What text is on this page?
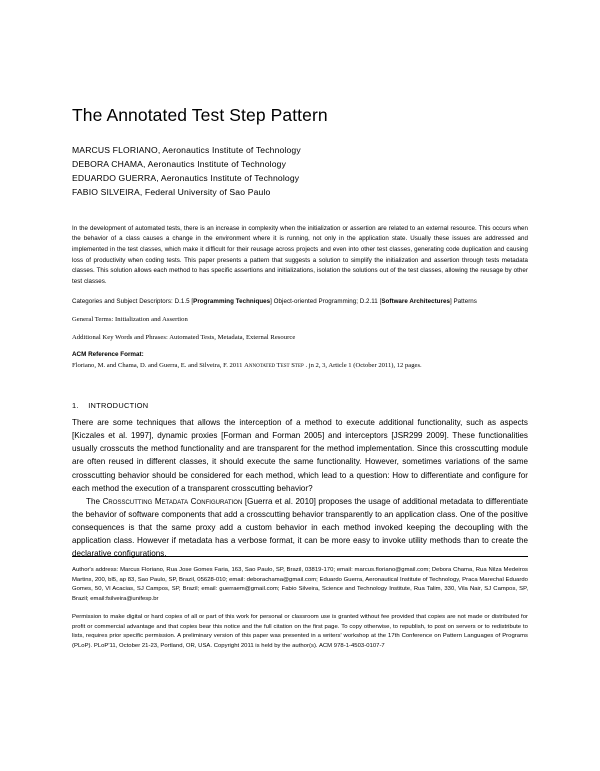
The Annotated Test Step Pattern
MARCUS FLORIANO, Aeronautics Institute of Technology
DEBORA CHAMA, Aeronautics Institute of Technology
EDUARDO GUERRA, Aeronautics Institute of Technology
FABIO SILVEIRA, Federal University of Sao Paulo
In the development of automated tests, there is an increase in complexity when the initialization or assertion are related to an external resource. This occurs when the behavior of a class causes a change in the environment where it is running, not only in the application state. Usually these issues are addressed and implemented in the test classes, which make it difficult for their reusage across projects and even into other test classes, generating code duplication and causing loss of productivity when coding tests. This paper presents a pattern that suggests a solution to simplify the initialization and assertion through tests metadata classes. This solution allows each method to has specific assertions and initializations, isolation the solutions out of the test classes, allowing the reusage by other test classes.
Categories and Subject Descriptors: D.1.5 [Programming Techniques] Object-oriented Programming; D.2.11 [Software Architectures] Patterns
General Terms: Initialization and Assertion
Additional Key Words and Phrases: Automated Tests, Metadata, External Resource
ACM Reference Format:
Floriano, M. and Chama, D. and Guerra, E. and Silveira, F. 2011 Annotated Test Step . jn 2, 3, Article 1 (October 2011), 12 pages.
1. INTRODUCTION

There are some techniques that allows the interception of a method to execute additional functionality, such as aspects [Kiczales et al. 1997], dynamic proxies [Forman and Forman 2005] and interceptors [JSR299 2009]. These functionalities usually crosscuts the method functionality and are transparent for the method implementation. Since this crosscutting module are often reused in different classes, it should execute the same functionality. However, sometimes variations of the same crosscutting behavior should be considered for each method, which lead to a question: How to differentiate and configure for each method the execution of a transparent crosscutting behavior?

The Crosscutting Metadata Configuration [Guerra et al. 2010] proposes the usage of additional metadata to differentiate the behavior of software components that add a crosscutting behavior transparently to an application class. One of the positive consequences is that the same proxy add a custom behavior in each method invoked keeping the decoupling with the application class. However if metadata has a verbose format, it can be more easy to invoke utility methods than to create the declarative configurations.

Author's address: Marcus Floriano, Rua Jose Gomes Faria, 163, Sao Paulo, SP, Brazil, 03819-170; email: marcus.floriano@gmail.com; Debora Chama, Rua Nilza Medeiros Martins, 200, bl5, ap 83, Sao Paulo, SP, Brazil, 05628-010; email: deborachama@gmail.com; Eduardo Guerra, Aeronautical Institute of Technology, Praca Marechal Eduardo Gomes, 50, Vl Acacias, SJ Campos, SP, Brazil; email: guerraem@gmail.com; Fabio Silveira, Science and Technology Institute, Rua Talim, 330, Vila Nair, SJ Campos, SP, Brazil; email:fsilveira@unifesp.br

Permission to make digital or hard copies of all or part of this work for personal or classroom use is granted without fee provided that copies are not made or distributed for profit or commercial advantage and that copies bear this notice and the full citation on the first page. To copy otherwise, to republish, to post on servers or to redistribute to lists, requires prior specific permission. A preliminary version of this paper was presented in a writers' workshop at the 17th Conference on Pattern Languages of Programs (PLoP). PLoP'11, October 21-23, Portland, OR, USA. Copyright 2011 is held by the author(s). ACM 978-1-4503-0107-7
